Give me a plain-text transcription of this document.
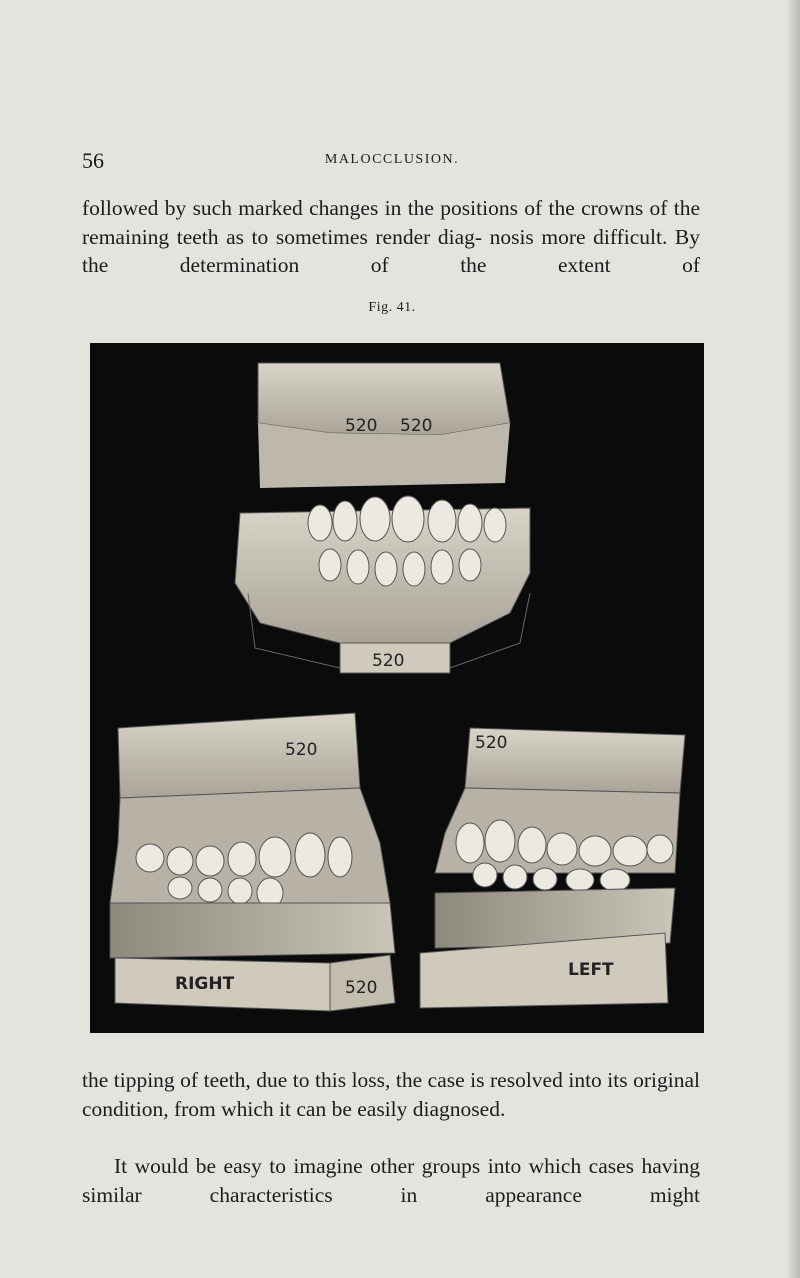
56	MALOCCLUSION.

followed by such marked changes in the positions of the crowns of the remaining teeth as to sometimes render diag- nosis more difficult. By the determination of the extent of

Fig. 41.
520 520
520
520
RIGHT	520
520
LEFT

the tipping of teeth, due to this loss, the case is resolved into its original condition, from which it can be easily diagnosed.

It would be easy to imagine other groups into which cases having similar characteristics in appearance might
